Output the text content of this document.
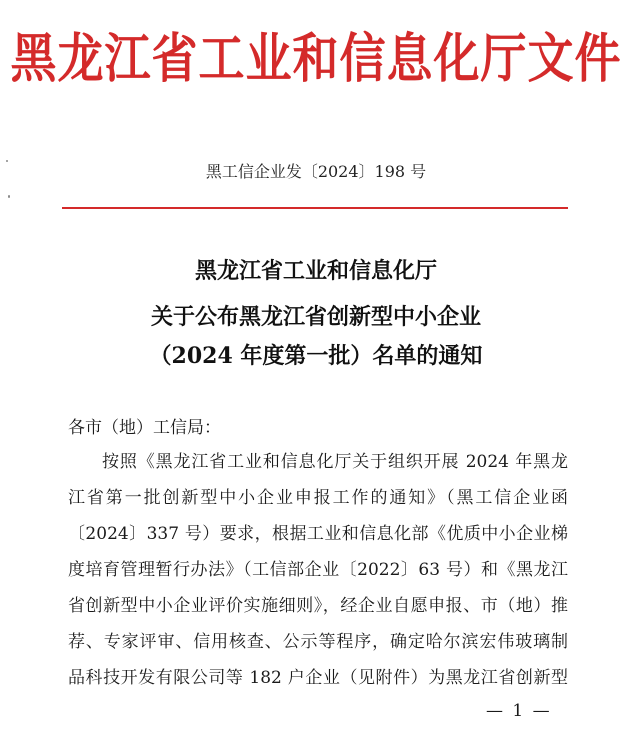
黑龙江省工业和信息化厅文件
黑工信企业发〔2024〕198 号
黑龙江省工业和信息化厅
关于公布黑龙江省创新型中小企业
（2024 年度第一批）名单的通知
各市（地）工信局：
按照《黑龙江省工业和信息化厅关于组织开展 2024 年黑龙
江省第一批创新型中小企业申报工作的通知》（黑工信企业函
〔2024〕337 号）要求，根据工业和信息化部《优质中小企业梯
度培育管理暂行办法》（工信部企业〔2022〕63 号）和《黑龙江
省创新型中小企业评价实施细则》，经企业自愿申报、市（地）推
荐、专家评审、信用核查、公示等程序，确定哈尔滨宏伟玻璃制
品科技开发有限公司等 182 户企业（见附件）为黑龙江省创新型
— 1 —
